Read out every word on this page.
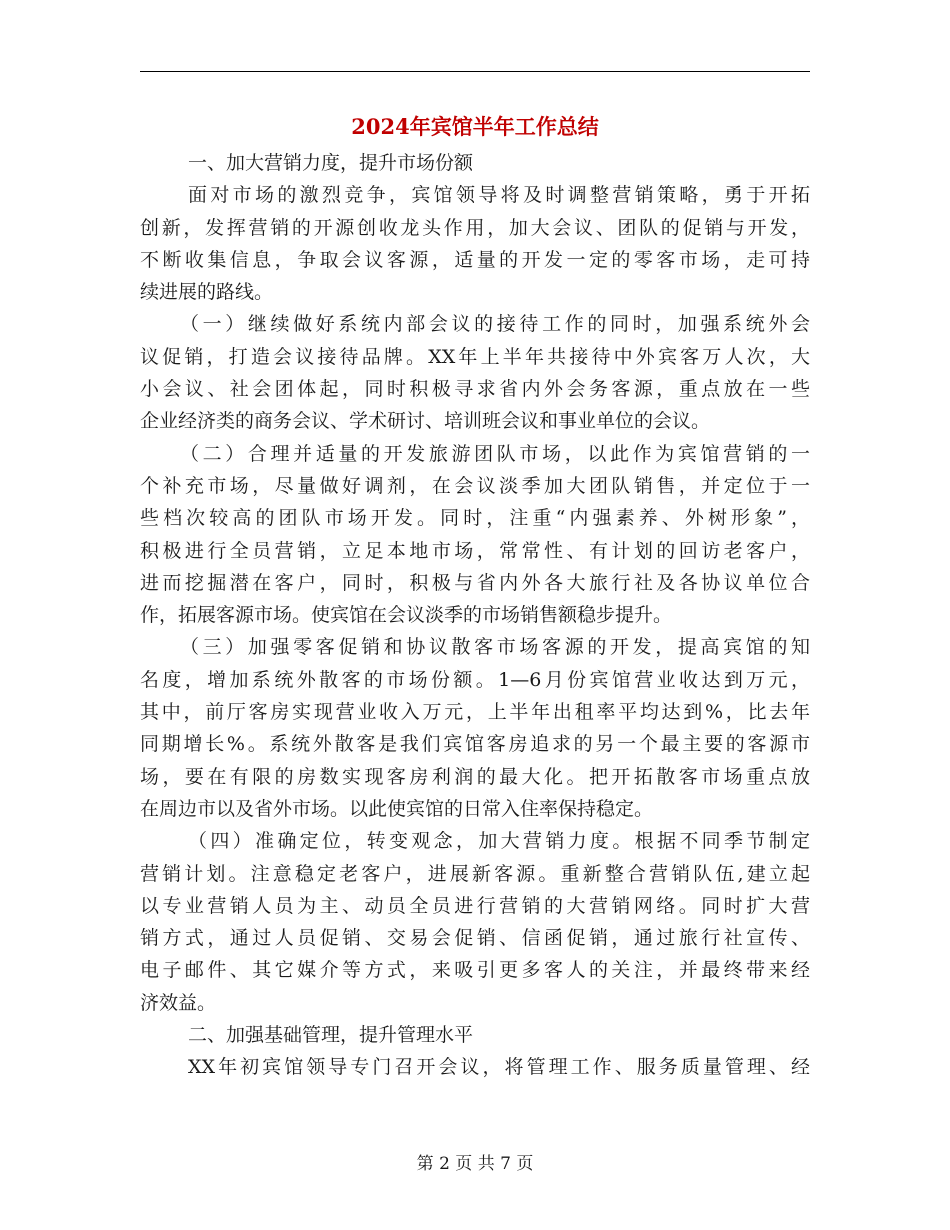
2024年宾馆半年工作总结
一、加大营销力度，提升市场份额
面对市场的激烈竞争，宾馆领导将及时调整营销策略，勇于开拓
创新，发挥营销的开源创收龙头作用，加大会议、团队的促销与开发，
不断收集信息，争取会议客源，适量的开发一定的零客市场，走可持
续进展的路线。
（一）继续做好系统内部会议的接待工作的同时，加强系统外会
议促销，打造会议接待品牌。XX年上半年共接待中外宾客万人次，大
小会议、社会团体起，同时积极寻求省内外会务客源，重点放在一些
企业经济类的商务会议、学术研讨、培训班会议和事业单位的会议。
（二）合理并适量的开发旅游团队市场，以此作为宾馆营销的一
个补充市场，尽量做好调剂，在会议淡季加大团队销售，并定位于一
些档次较高的团队市场开发。同时，注重“内强素养、外树形象”，
积极进行全员营销，立足本地市场，常常性、有计划的回访老客户，
进而挖掘潜在客户，同时，积极与省内外各大旅行社及各协议单位合
作，拓展客源市场。使宾馆在会议淡季的市场销售额稳步提升。
（三）加强零客促销和协议散客市场客源的开发，提高宾馆的知
名度，增加系统外散客的市场份额。1—6月份宾馆营业收达到万元，
其中，前厅客房实现营业收入万元，上半年出租率平均达到%，比去年
同期增长%。系统外散客是我们宾馆客房追求的另一个最主要的客源市
场，要在有限的房数实现客房利润的最大化。把开拓散客市场重点放
在周边市以及省外市场。以此使宾馆的日常入住率保持稳定。
（四）准确定位，转变观念，加大营销力度。根据不同季节制定
营销计划。注意稳定老客户，进展新客源。重新整合营销队伍,建立起
以专业营销人员为主、动员全员进行营销的大营销网络。同时扩大营
销方式，通过人员促销、交易会促销、信函促销，通过旅行社宣传、
电子邮件、其它媒介等方式，来吸引更多客人的关注，并最终带来经
济效益。
二、加强基础管理，提升管理水平
XX年初宾馆领导专门召开会议，将管理工作、服务质量管理、经
第 2 页 共 7 页
